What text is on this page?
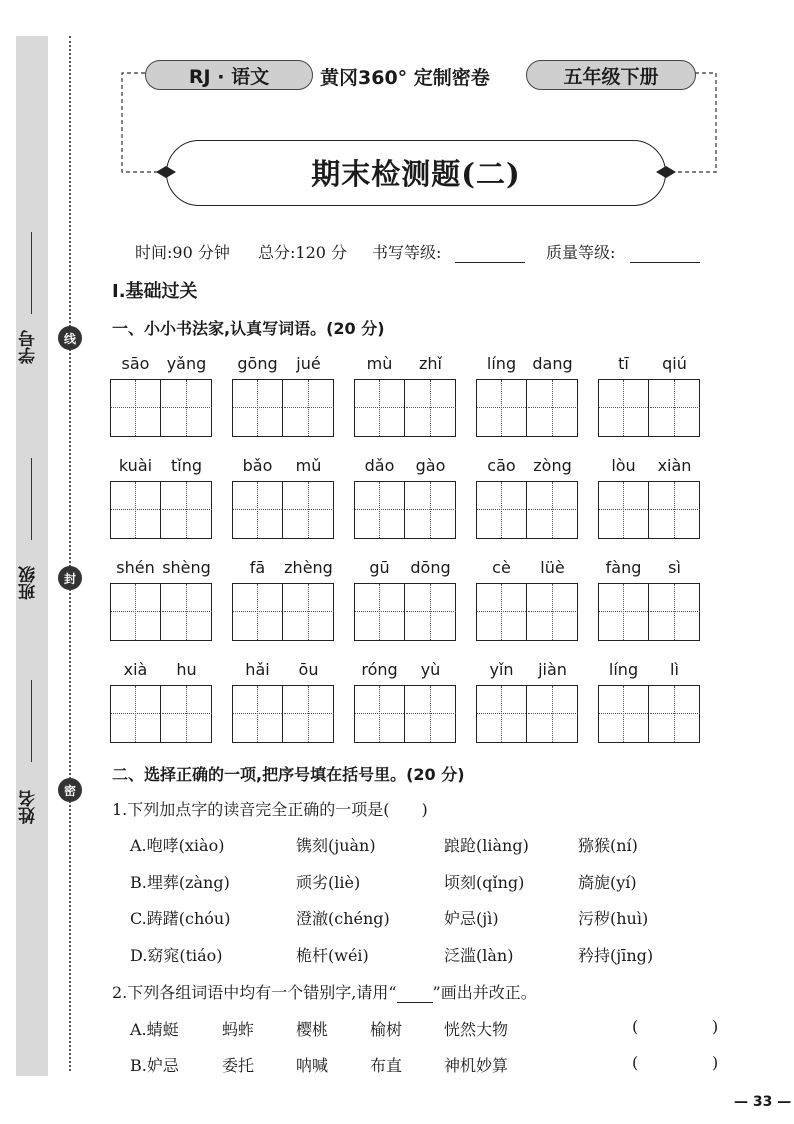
学号
班级
姓名
线
封
密
RJ · 语文	黄冈360° 定制密卷	五年级下册
期末检测题(二)
时间:90 分钟 总分:120 分 书写等级:	质量等级:
Ⅰ.基础过关
一、小小书法家,认真写词语。(20 分)
sāo	yǎng	gōng	jué	mù	zhǐ	líng	dang	tī	qiú
kuài	tǐng	bǎo	mǔ	dǎo	gào	cāo	zòng	lòu	xiàn
shén shèng	fā	zhèng	gū	dōng	cè	lüè	fàng	sì
xià	hu	hǎi	ōu	róng	yù	yǐn	jiàn	líng	lì
二、选择正确的一项,把序号填在括号里。(20 分)
1.下列加点字的读音完全正确的一项是(　　)
A.咆哮(xiào)	镌刻(juàn)	踉跄(liàng)	猕猴(ní)
B.埋葬(zàng)	顽劣(liè)	顷刻(qǐng)	旖旎(yí)
C.踌躇(chóu)	澄澈(chéng)	妒忌(jì)	污秽(huì)
D.窈窕(tiáo)	桅杆(wéi)	泛滥(làn)	矜持(jīng)
2.下列各组词语中均有一个错别字,请用“ ”画出并改正。
A.蜻蜓	蚂蚱	樱桃	榆树	恍然大物	(	)
B.妒忌	委托	呐喊	布直	神机妙算	(	)
— 33 —
